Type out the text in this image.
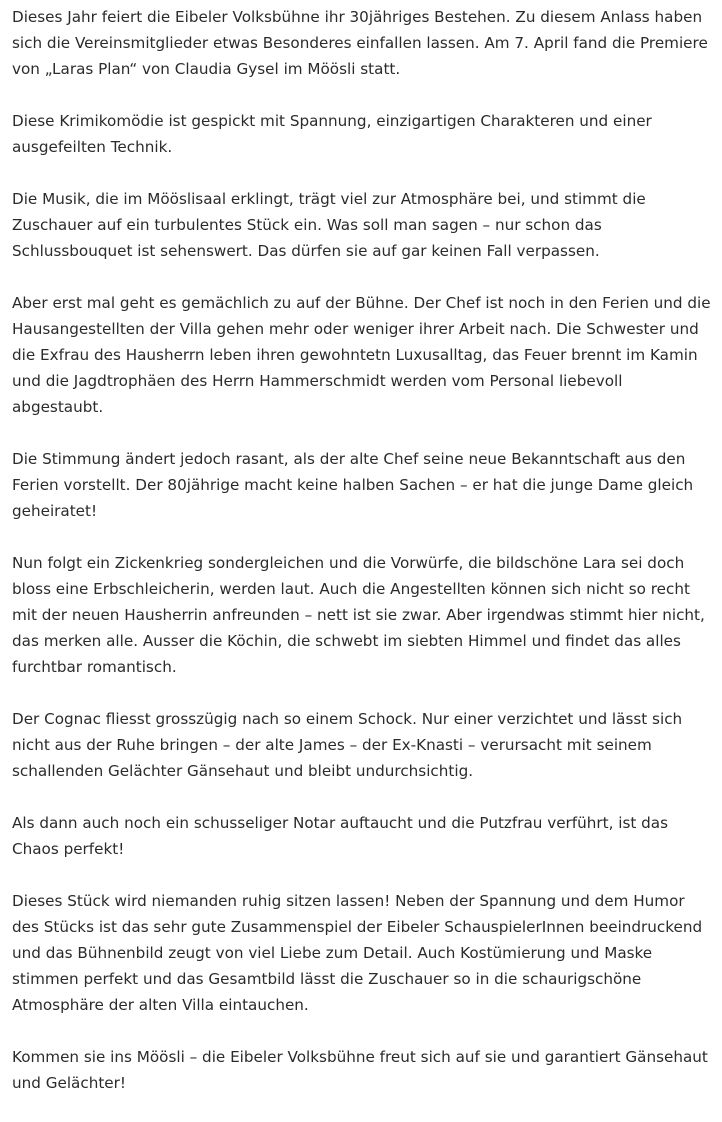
Dieses Jahr feiert die Eibeler Volksbühne ihr 30jähriges Bestehen. Zu diesem Anlass haben sich die Vereinsmitglieder etwas Besonderes einfallen lassen. Am 7. April fand die Premiere von „Laras Plan“ von Claudia Gysel im Möösli statt.

Diese Krimikomödie ist gespickt mit Spannung, einzigartigen Charakteren und einer ausgefeilten Technik.

Die Musik, die im Mööslisaal erklingt, trägt viel zur Atmosphäre bei, und stimmt die Zuschauer auf ein turbulentes Stück ein. Was soll man sagen – nur schon das Schlussbouquet ist sehenswert. Das dürfen sie auf gar keinen Fall verpassen.

Aber erst mal geht es gemächlich zu auf der Bühne. Der Chef ist noch in den Ferien und die Hausangestellten der Villa gehen mehr oder weniger ihrer Arbeit nach. Die Schwester und die Exfrau des Hausherrn leben ihren gewohntetn Luxusalltag, das Feuer brennt im Kamin und die Jagdtrophäen des Herrn Hammerschmidt werden vom Personal liebevoll abgestaubt.

Die Stimmung ändert jedoch rasant, als der alte Chef seine neue Bekanntschaft aus den Ferien vorstellt. Der 80jährige macht keine halben Sachen – er hat die junge Dame gleich geheiratet!

Nun folgt ein Zickenkrieg sondergleichen und die Vorwürfe, die bildschöne Lara sei doch bloss eine Erbschleicherin, werden laut. Auch die Angestellten können sich nicht so recht mit der neuen Hausherrin anfreunden – nett ist sie zwar. Aber irgendwas stimmt hier nicht, das merken alle. Ausser die Köchin, die schwebt im siebten Himmel und findet das alles furchtbar romantisch.

Der Cognac fliesst grosszügig nach so einem Schock. Nur einer verzichtet und lässt sich nicht aus der Ruhe bringen – der alte James – der Ex-Knasti – verursacht mit seinem schallenden Gelächter Gänsehaut und bleibt undurchsichtig.

Als dann auch noch ein schusseliger Notar auftaucht und die Putzfrau verführt, ist das Chaos perfekt!

Dieses Stück wird niemanden ruhig sitzen lassen! Neben der Spannung und dem Humor des Stücks ist das sehr gute Zusammenspiel der Eibeler SchauspielerInnen beeindruckend und das Bühnenbild zeugt von viel Liebe zum Detail. Auch Kostümierung und Maske stimmen perfekt und das Gesamtbild lässt die Zuschauer so in die schaurigschöne Atmosphäre der alten Villa eintauchen.

Kommen sie ins Möösli – die Eibeler Volksbühne freut sich auf sie und garantiert Gänsehaut und Gelächter!
